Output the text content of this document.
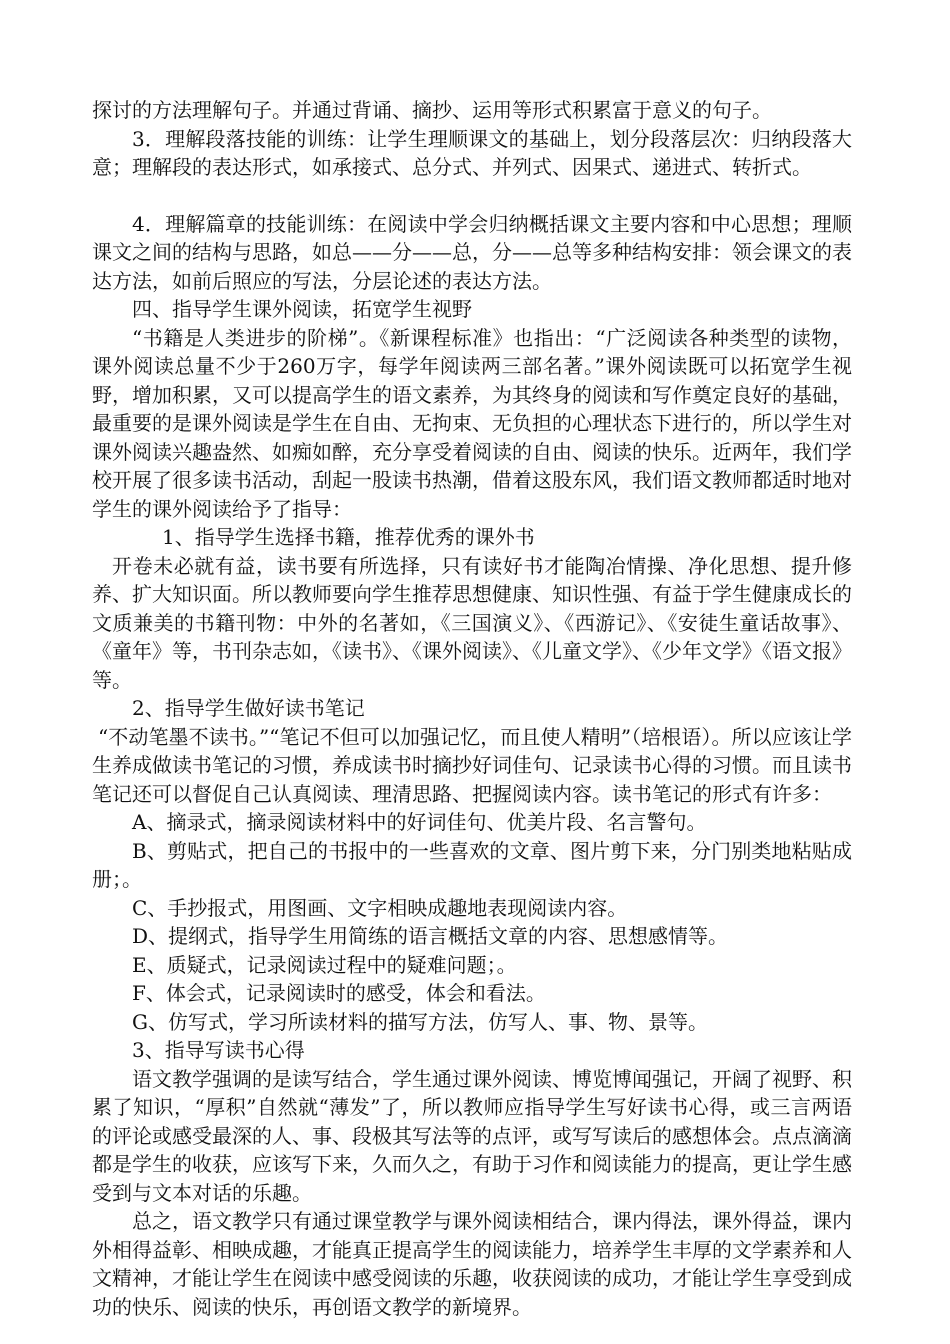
探讨的方法理解句子。并通过背诵、摘抄、运用等形式积累富于意义的句子。

3．理解段落技能的训练：让学生理顺课文的基础上，划分段落层次：归纳段落大意；理解段的表达形式，如承接式、总分式、并列式、因果式、递进式、转折式。

4．理解篇章的技能训练：在阅读中学会归纳概括课文主要内容和中心思想；理顺课文之间的结构与思路，如总——分——总，分——总等多种结构安排：领会课文的表达方法，如前后照应的写法，分层论述的表达方法。

四、指导学生课外阅读，拓宽学生视野

“书籍是人类进步的阶梯”。《新课程标准》也指出：“广泛阅读各种类型的读物，课外阅读总量不少于260万字，每学年阅读两三部名著。”课外阅读既可以拓宽学生视野，增加积累，又可以提高学生的语文素养，为其终身的阅读和写作奠定良好的基础，最重要的是课外阅读是学生在自由、无拘束、无负担的心理状态下进行的，所以学生对课外阅读兴趣盎然、如痴如醉，充分享受着阅读的自由、阅读的快乐。近两年，我们学校开展了很多读书活动，刮起一股读书热潮，借着这股东风，我们语文教师都适时地对学生的课外阅读给予了指导：

1、指导学生选择书籍，推荐优秀的课外书

开卷未必就有益，读书要有所选择，只有读好书才能陶冶情操、净化思想、提升修养、扩大知识面。所以教师要向学生推荐思想健康、知识性强、有益于学生健康成长的文质兼美的书籍刊物：中外的名著如，《三国演义》、《西游记》、《安徒生童话故事》、《童年》等，书刊杂志如，《读书》、《课外阅读》、《儿童文学》、《少年文学》《语文报》等。

2、指导学生做好读书笔记

“不动笔墨不读书。”“笔记不但可以加强记忆，而且使人精明”（培根语）。所以应该让学生养成做读书笔记的习惯，养成读书时摘抄好词佳句、记录读书心得的习惯。而且读书笔记还可以督促自己认真阅读、理清思路、把握阅读内容。读书笔记的形式有许多：

A、摘录式，摘录阅读材料中的好词佳句、优美片段、名言警句。

B、剪贴式，把自己的书报中的一些喜欢的文章、图片剪下来，分门别类地粘贴成册；。

C、手抄报式，用图画、文字相映成趣地表现阅读内容。

D、提纲式，指导学生用简练的语言概括文章的内容、思想感情等。

E、质疑式，记录阅读过程中的疑难问题；。

F、体会式，记录阅读时的感受，体会和看法。

G、仿写式，学习所读材料的描写方法，仿写人、事、物、景等。

3、指导写读书心得

语文教学强调的是读写结合，学生通过课外阅读、博览博闻强记，开阔了视野、积累了知识，“厚积”自然就“薄发”了，所以教师应指导学生写好读书心得，或三言两语的评论或感受最深的人、事、段极其写法等的点评，或写写读后的感想体会。点点滴滴都是学生的收获，应该写下来，久而久之，有助于习作和阅读能力的提高，更让学生感受到与文本对话的乐趣。

总之，语文教学只有通过课堂教学与课外阅读相结合，课内得法，课外得益，课内外相得益彰、相映成趣，才能真正提高学生的阅读能力，培养学生丰厚的文学素养和人文精神，才能让学生在阅读中感受阅读的乐趣，收获阅读的成功，才能让学生享受到成功的快乐、阅读的快乐，再创语文教学的新境界。
